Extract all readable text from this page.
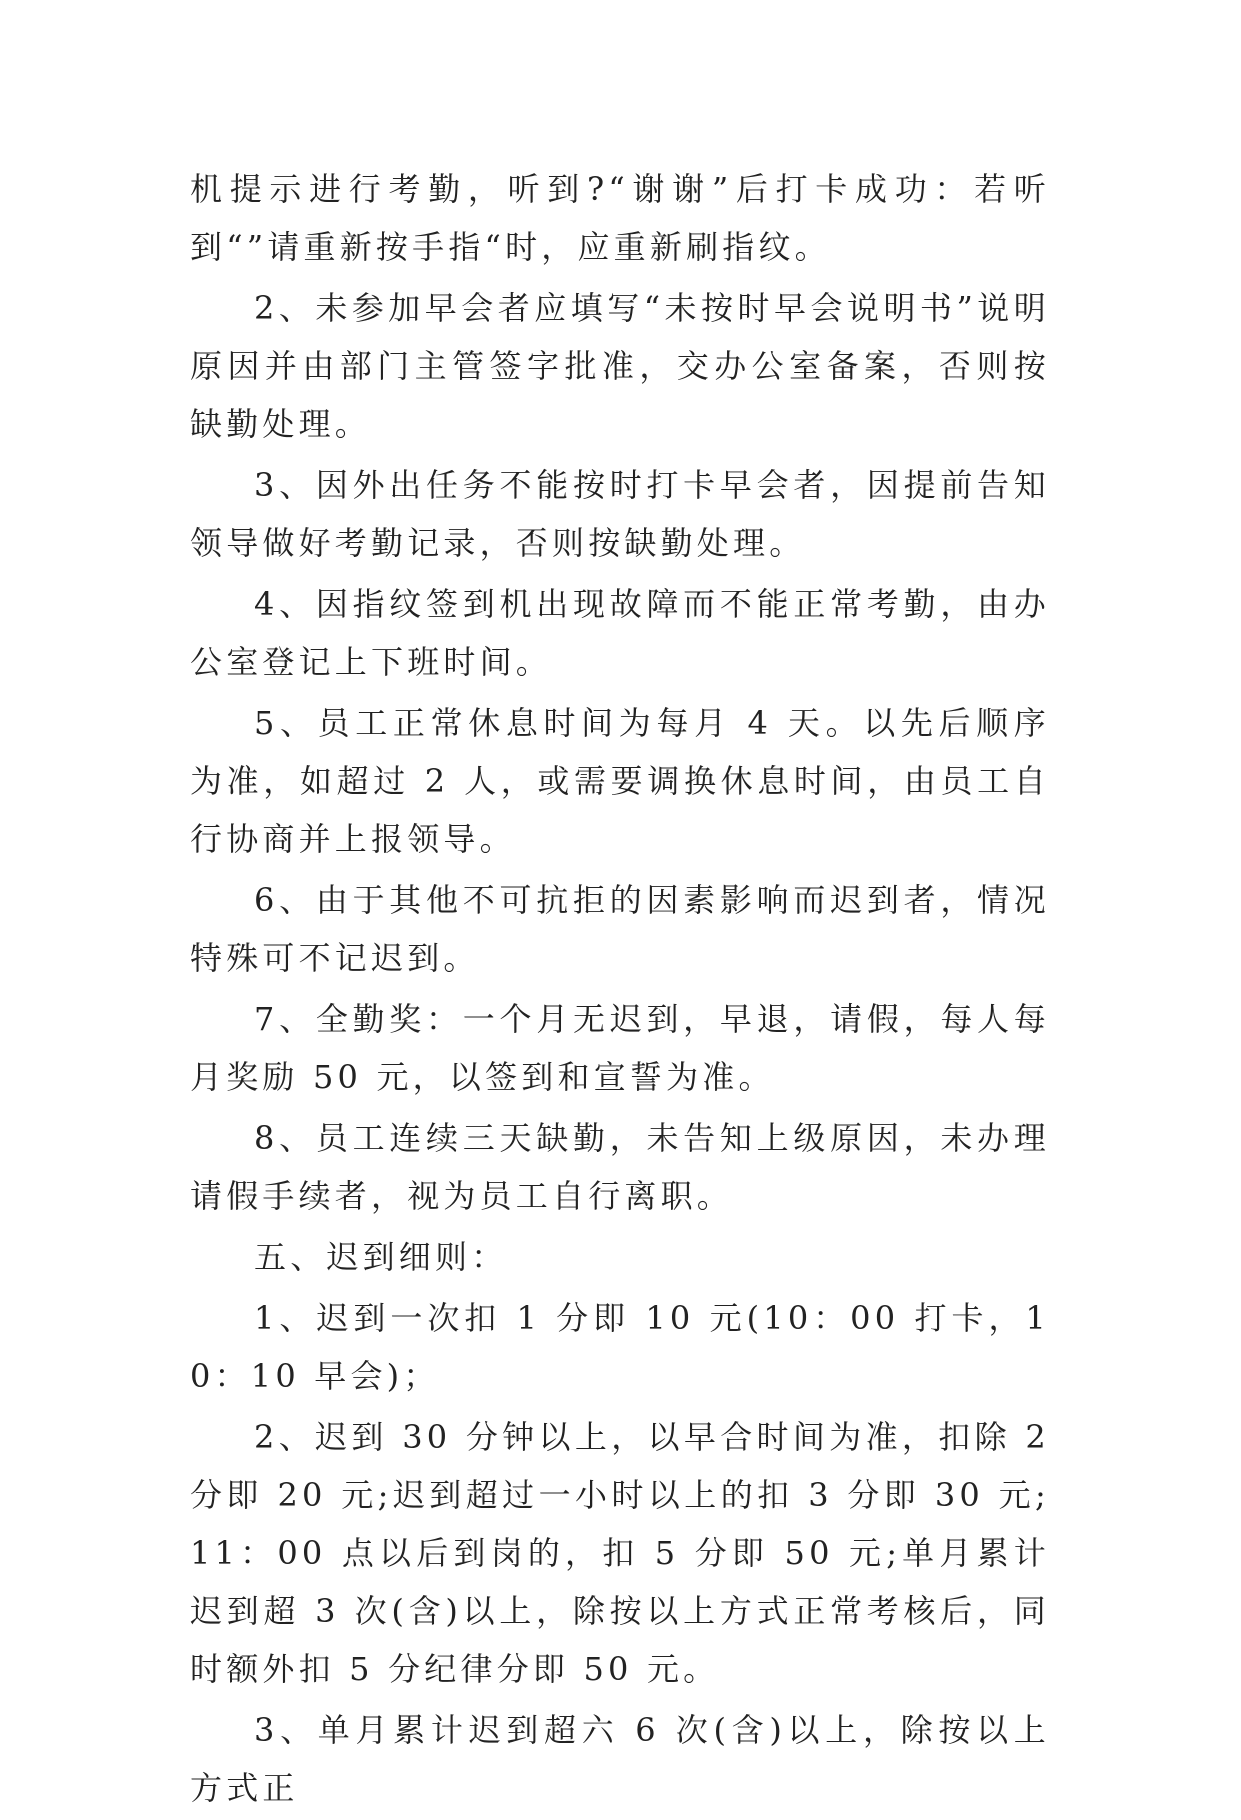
机提示进行考勤，听到?“谢谢”后打卡成功：若听到“”请重新按手指“时，应重新刷指纹。

2、未参加早会者应填写“未按时早会说明书”说明原因并由部门主管签字批准，交办公室备案，否则按缺勤处理。

3、因外出任务不能按时打卡早会者，因提前告知领导做好考勤记录，否则按缺勤处理。

4、因指纹签到机出现故障而不能正常考勤，由办公室登记上下班时间。

5、员工正常休息时间为每月 4 天。以先后顺序为准，如超过 2 人，或需要调换休息时间，由员工自行协商并上报领导。

6、由于其他不可抗拒的因素影响而迟到者，情况特殊可不记迟到。

7、全勤奖：一个月无迟到，早退，请假，每人每月奖励 50 元，以签到和宣誓为准。

8、员工连续三天缺勤，未告知上级原因，未办理请假手续者，视为员工自行离职。

五、迟到细则：

1、迟到一次扣 1 分即 10 元(10：00 打卡，10：10 早会)；

2、迟到 30 分钟以上，以早合时间为准，扣除 2 分即 20 元;迟到超过一小时以上的扣 3 分即 30 元;11：00 点以后到岗的，扣 5 分即 50 元;单月累计迟到超 3 次(含)以上，除按以上方式正常考核后，同时额外扣 5 分纪律分即 50 元。

3、单月累计迟到超六 6 次(含)以上，除按以上方式正
